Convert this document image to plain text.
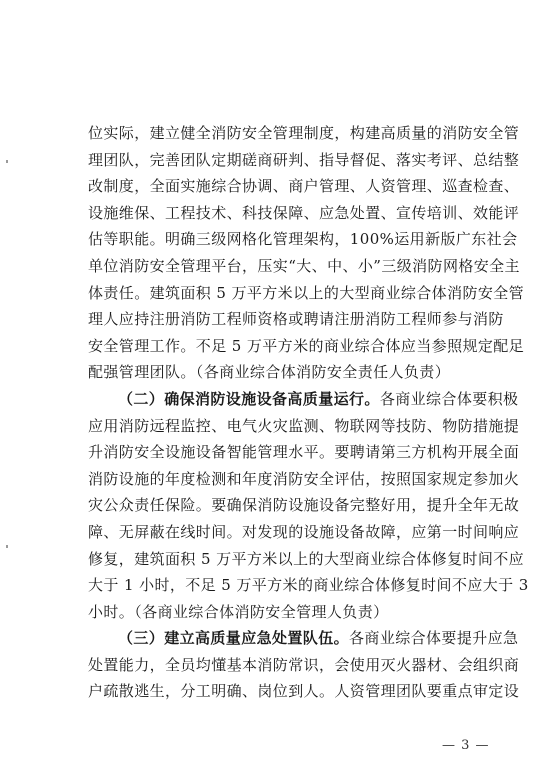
位实际，建立健全消防安全管理制度，构建高质量的消防安全管
理团队，完善团队定期磋商研判、指导督促、落实考评、总结整
改制度，全面实施综合协调、商户管理、人资管理、巡查检查、
设施维保、工程技术、科技保障、应急处置、宣传培训、效能评
估等职能。明确三级网格化管理架构，100%运用新版广东社会
单位消防安全管理平台，压实“大、中、小”三级消防网格安全主
体责任。建筑面积 5 万平方米以上的大型商业综合体消防安全管
理人应持注册消防工程师资格或聘请注册消防工程师参与消防
安全管理工作。不足 5 万平方米的商业综合体应当参照规定配足
配强管理团队。（各商业综合体消防安全责任人负责）
（二）确保消防设施设备高质量运行。各商业综合体要积极
应用消防远程监控、电气火灾监测、物联网等技防、物防措施提
升消防安全设施设备智能管理水平。要聘请第三方机构开展全面
消防设施的年度检测和年度消防安全评估，按照国家规定参加火
灾公众责任保险。要确保消防设施设备完整好用，提升全年无故
障、无屏蔽在线时间。对发现的设施设备故障，应第一时间响应
修复，建筑面积 5 万平方米以上的大型商业综合体修复时间不应
大于 1 小时，不足 5 万平方米的商业综合体修复时间不应大于 3
小时。（各商业综合体消防安全管理人负责）
（三）建立高质量应急处置队伍。各商业综合体要提升应急
处置能力，全员均懂基本消防常识，会使用灭火器材、会组织商
户疏散逃生，分工明确、岗位到人。人资管理团队要重点审定设
— 3 —
